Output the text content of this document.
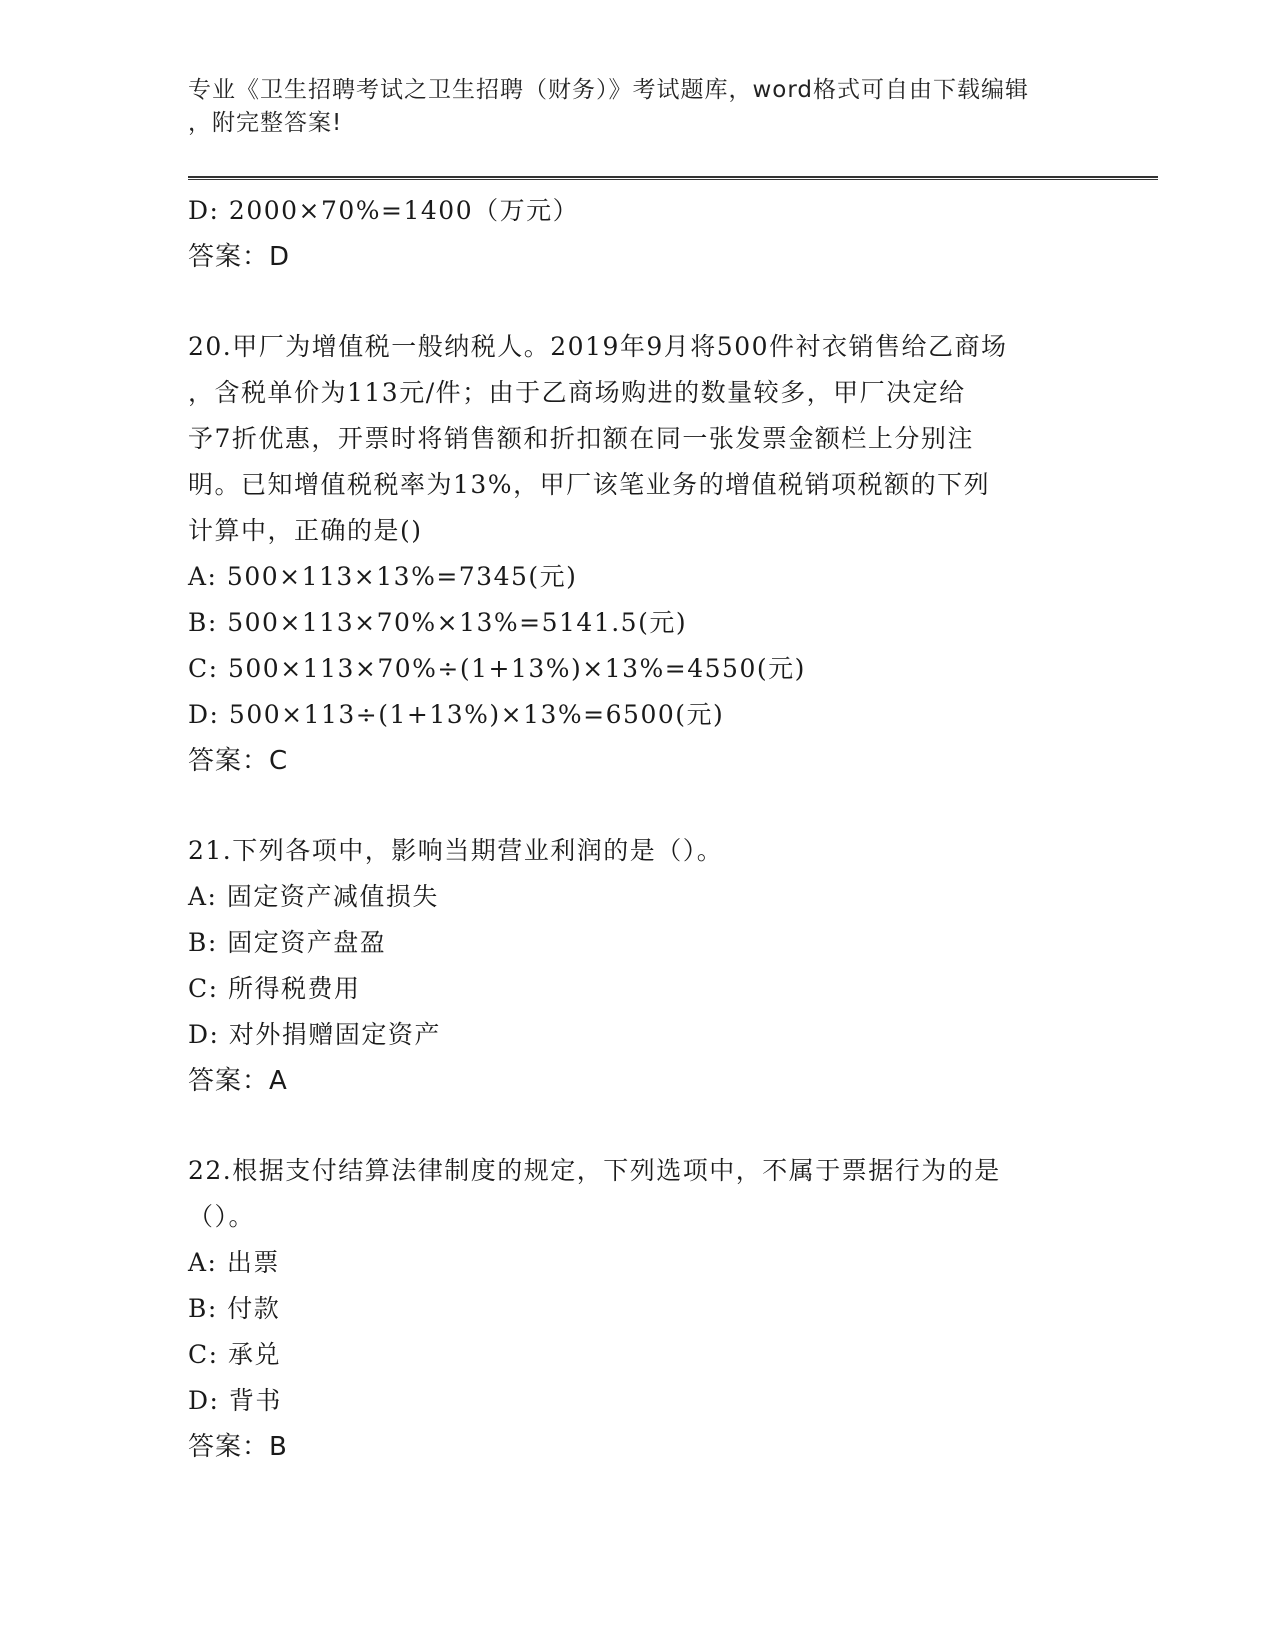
专业《卫生招聘考试之卫生招聘（财务）》考试题库，word格式可自由下载编辑
，附完整答案!
D: 2000×70%=1400（万元）
答案：D
20.甲厂为增值税一般纳税人。2019年9月将500件衬衣销售给乙商场
，含税单价为113元/件；由于乙商场购进的数量较多，甲厂决定给
予7折优惠，开票时将销售额和折扣额在同一张发票金额栏上分别注
明。已知增值税税率为13%，甲厂该笔业务的增值税销项税额的下列
计算中，正确的是()
A: 500×113×13%=7345(元)
B: 500×113×70%×13%=5141.5(元)
C: 500×113×70%÷(1+13%)×13%=4550(元)
D: 500×113÷(1+13%)×13%=6500(元)
答案：C
21.下列各项中，影响当期营业利润的是（）。
A: 固定资产减值损失
B: 固定资产盘盈
C: 所得税费用
D: 对外捐赠固定资产
答案：A
22.根据支付结算法律制度的规定，下列选项中，不属于票据行为的是
（）。
A: 出票
B: 付款
C: 承兑
D: 背书
答案：B
